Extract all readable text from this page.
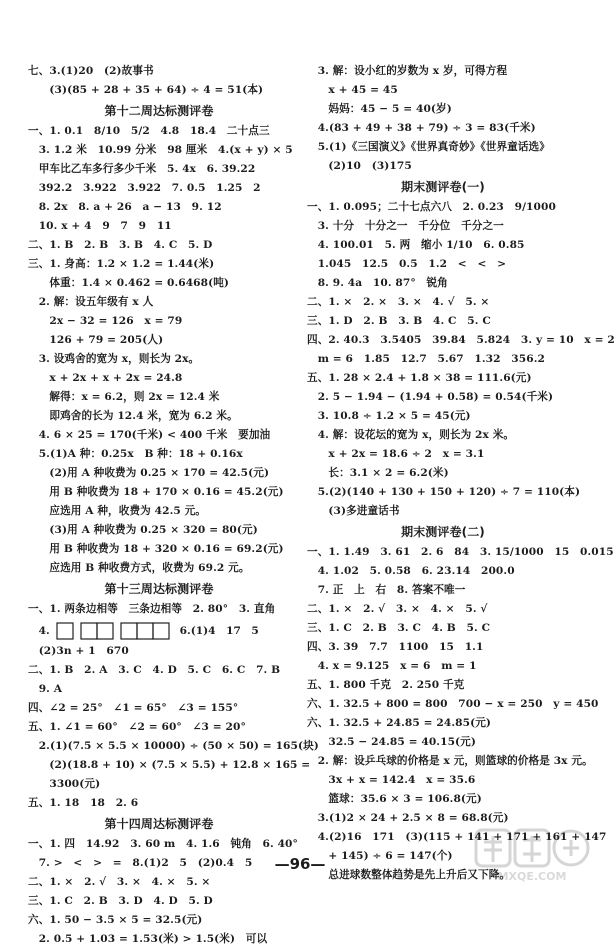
七、3.(1)20　(2)故事书
　　(3)(85 + 28 + 35 + 64) ÷ 4 = 51(本)
第十二周达标测评卷
一、1. 0.1　8/10　5/2　4.8　18.4　二十点三
　3. 1.2 米　10.99 分米　98 厘米　4.(x + y) × 5
　甲车比乙车多行多少千米　5. 4x　6. 39.22
　392.2　3.922　3.922　7. 0.5　1.25　2
　8. 2x　8. a + 26　a − 13　9. 12
　10. x + 4　9　7　9　11
二、1. B　2. B　3. B　4. C　5. D
三、1. 身高：1.2 × 1.2 = 1.44(米)
　　体重：1.4 × 0.462 = 0.6468(吨)
　2. 解：设五年级有 x 人
　　2x − 32 = 126　x = 79
　　126 + 79 = 205(人)
　3. 设鸡舍的宽为 x，则长为 2x。
　　x + 2x + x + 2x = 24.8
　　解得：x = 6.2，则 2x = 12.4 米
　　即鸡舍的长为 12.4 米，宽为 6.2 米。
　4. 6 × 25 = 170(千米) < 400 千米　要加油
　5.(1)A 种：0.25x　B 种：18 + 0.16x
　　(2)用 A 种收费为 0.25 × 170 = 42.5(元)
　　用 B 种收费为 18 + 170 × 0.16 = 45.2(元)
　　应选用 A 种，收费为 42.5 元。
　　(3)用 A 种收费为 0.25 × 320 = 80(元)
　　用 B 种收费为 18 + 320 × 0.16 = 69.2(元)
　　应选用 B 种收费方式，收费为 69.2 元。
第十三周达标测评卷
一、1. 两条边相等　三条边相等　2. 80°　3. 直角
　4.	6.(1)4　17　5
　(2)3n + 1　670
二、1. B　2. A　3. C　4. D　5. C　6. C　7. B
　9. A
四、∠2 = 25°　∠1 = 65°　∠3 = 155°
五、1. ∠1 = 60°　∠2 = 60°　∠3 = 20°
　2.(1)(7.5 × 5.5 × 10000) ÷ (50 × 50) = 165(块)
　　(2)(18.8 + 10) × (7.5 × 5.5) + 12.8 × 165 =
　　3300(元)
五、1. 18　18　2. 6
第十四周达标测评卷
一、1. 四　14.92　3. 60 m　4. 1.6　钝角　6. 40°
　7. >　<　>　=　8.(1)2　5　(2)0.4　5
二、1. ×　2. √　3. ×　4. ×　5. ×
三、1. C　2. B　3. D　4. D　5. D
六、1. 50 − 3.5 × 5 = 32.5(元)
　2. 0.5 + 1.03 = 1.53(米) > 1.5(米)　可以
　3. 解：设小红的岁数为 x 岁，可得方程
　　x + 45 = 45
　　妈妈：45 − 5 = 40(岁)
　4.(83 + 49 + 38 + 79) ÷ 3 = 83(千米)
　5.(1)《三国演义》《世界真奇妙》《世界童话选》
　　(2)10　(3)175
期末测评卷(一)
一、1. 0.095；二十七点六八　2. 0.23　9/1000
　3. 十分　十分之一　千分位　千分之一
　4. 100.01　5. 两　缩小 1/10　6. 0.85
　1.045　12.5　0.5　1.2　<　<　>
　8. 9. 4a　10. 87°　锐角
二、1. ×　2. ×　3. ×　4. √　5. ×
三、1. D　2. B　3. B　4. C　5. C
四、2. 40.3　3.5405　39.84　5.824　3. y = 10　x = 2
　m = 6　1.85　12.7　5.67　1.32　356.2
五、1. 28 × 2.4 + 1.8 × 38 = 111.6(元)
　2. 5 − 1.94 − (1.94 + 0.58) = 0.54(千米)
　3. 10.8 ÷ 1.2 × 5 = 45(元)
　4. 解：设花坛的宽为 x，则长为 2x 米。
　　x + 2x = 18.6 ÷ 2　x = 3.1
　　长：3.1 × 2 = 6.2(米)
　5.(2)(140 + 130 + 150 + 120) ÷ 7 = 110(本)
　　(3)多进童话书
期末测评卷(二)
一、1. 1.49　3. 61　2. 6　84　3. 15/1000　15　0.015
　4. 1.02　5. 0.58　6. 23.14　200.0
　7. 正　上　右　8. 答案不唯一
二、1. ×　2. √　3. ×　4. ×　5. √
三、1. C　2. B　3. C　4. B　5. C
四、3. 39　7.7　1100　15　1.1
　4. x = 9.125　x = 6　m = 1
五、1. 800 千克　2. 250 千克
六、1. 32.5 + 800 = 800　700 − x = 250　y = 450
六、1. 32.5 + 24.85 = 24.85(元)
　　32.5 − 24.85 = 40.15(元)
　2. 解：设乒乓球的价格是 x 元，则篮球的价格是 3x 元。
　　3x + x = 142.4　x = 35.6
　　篮球：35.6 × 3 = 106.8(元)
　3.(1)2 × 24 + 2.5 × 8 = 68.8(元)
　4.(2)16　171　(3)(115 + 141 + 171 + 161 + 147
　　+ 145) ÷ 6 = 147(个)
　　总进球数整体趋势是先上升后又下降。
—96—
MXQE.COM
